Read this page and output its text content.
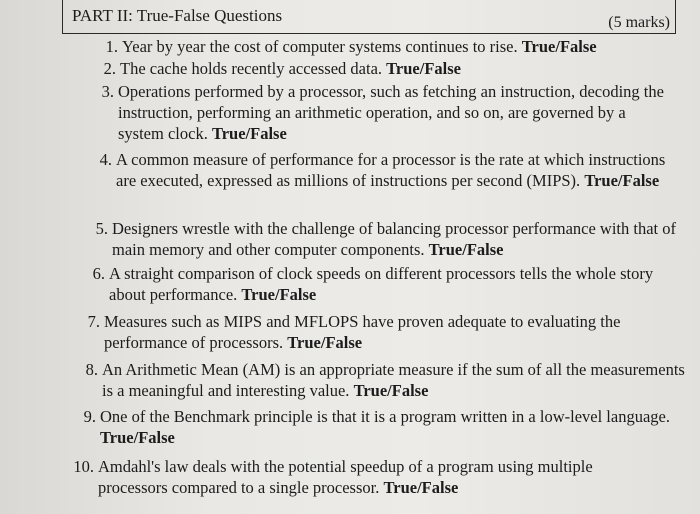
PART II: True-False Questions	(5 marks)
1. Year by year the cost of computer systems continues to rise. True/False
2. The cache holds recently accessed data. True/False
3. Operations performed by a processor, such as fetching an instruction, decoding the instruction, performing an arithmetic operation, and so on, are governed by a system clock. True/False
4. A common measure of performance for a processor is the rate at which instructions are executed, expressed as millions of instructions per second (MIPS). True/False
5. Designers wrestle with the challenge of balancing processor performance with that of main memory and other computer components. True/False
6. A straight comparison of clock speeds on different processors tells the whole story about performance. True/False
7. Measures such as MIPS and MFLOPS have proven adequate to evaluating the performance of processors. True/False
8. An Arithmetic Mean (AM) is an appropriate measure if the sum of all the measurements is a meaningful and interesting value. True/False
9. One of the Benchmark principle is that it is a program written in a low-level language. True/False
10. Amdahl's law deals with the potential speedup of a program using multiple processors compared to a single processor. True/False
